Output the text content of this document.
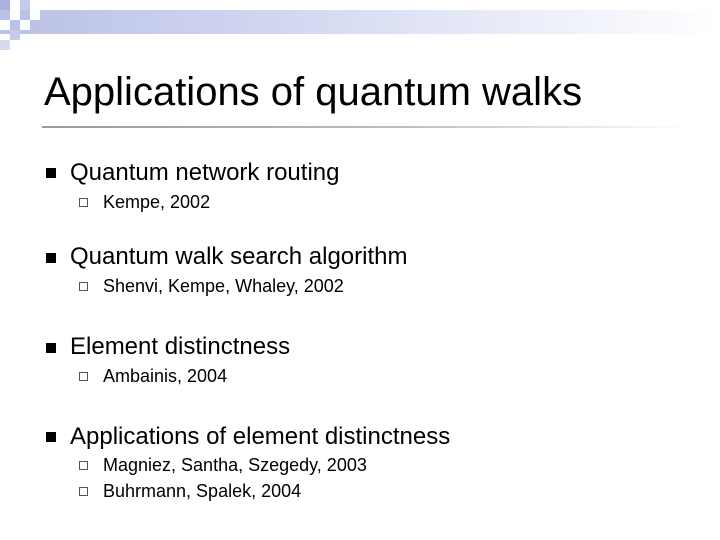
Applications of quantum walks
Quantum network routing
Kempe, 2002
Quantum walk search algorithm
Shenvi, Kempe, Whaley, 2002
Element distinctness
Ambainis, 2004
Applications of element distinctness
Magniez, Santha, Szegedy, 2003
Buhrmann, Spalek, 2004
